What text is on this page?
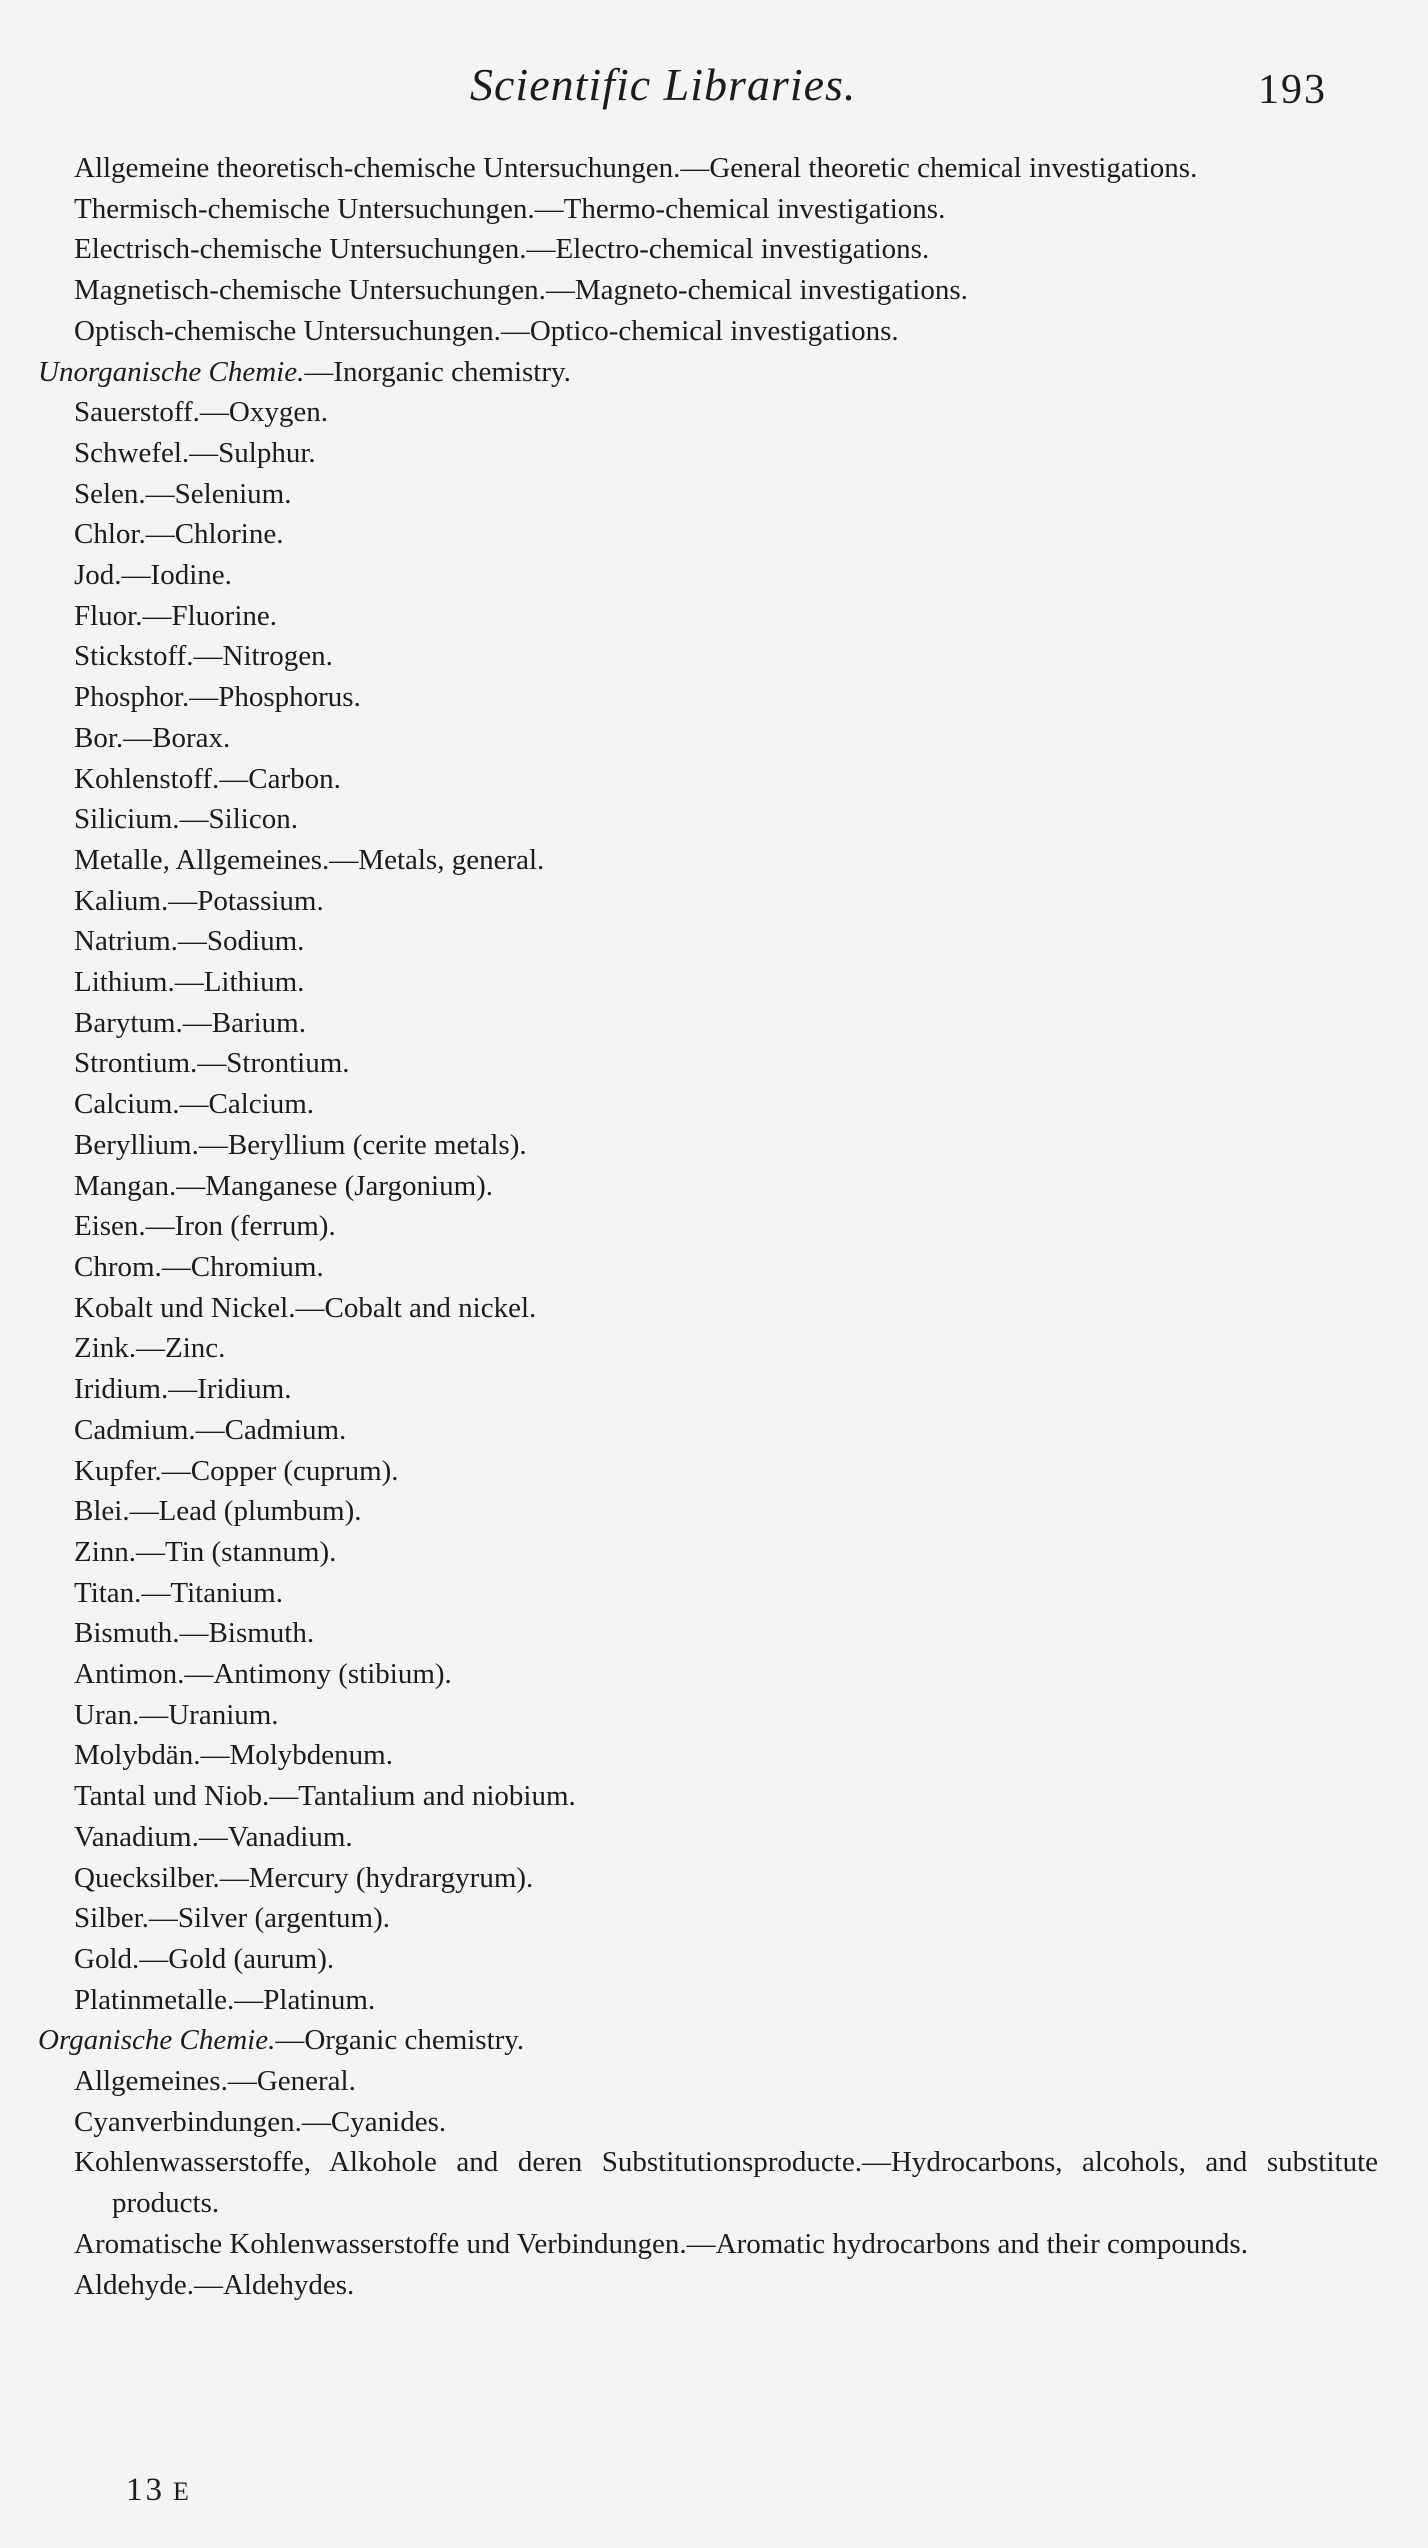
Scientific Libraries.	193
Allgemeine theoretisch-chemische Untersuchungen.—General theoretic chemical investigations.
Thermisch-chemische Untersuchungen.—Thermo-chemical investigations.
Electrisch-chemische Untersuchungen.—Electro-chemical investigations.
Magnetisch-chemische Untersuchungen.—Magneto-chemical investigations.
Optisch-chemische Untersuchungen.—Optico-chemical investigations.
Unorganische Chemie.—Inorganic chemistry.
Sauerstoff.—Oxygen.
Schwefel.—Sulphur.
Selen.—Selenium.
Chlor.—Chlorine.
Jod.—Iodine.
Fluor.—Fluorine.
Stickstoff.—Nitrogen.
Phosphor.—Phosphorus.
Bor.—Borax.
Kohlenstoff.—Carbon.
Silicium.—Silicon.
Metalle, Allgemeines.—Metals, general.
Kalium.—Potassium.
Natrium.—Sodium.
Lithium.—Lithium.
Barytum.—Barium.
Strontium.—Strontium.
Calcium.—Calcium.
Beryllium.—Beryllium (cerite metals).
Mangan.—Manganese (Jargonium).
Eisen.—Iron (ferrum).
Chrom.—Chromium.
Kobalt und Nickel.—Cobalt and nickel.
Zink.—Zinc.
Iridium.—Iridium.
Cadmium.—Cadmium.
Kupfer.—Copper (cuprum).
Blei.—Lead (plumbum).
Zinn.—Tin (stannum).
Titan.—Titanium.
Bismuth.—Bismuth.
Antimon.—Antimony (stibium).
Uran.—Uranium.
Molybdän.—Molybdenum.
Tantal und Niob.—Tantalium and niobium.
Vanadium.—Vanadium.
Quecksilber.—Mercury (hydrargyrum).
Silber.—Silver (argentum).
Gold.—Gold (aurum).
Platinmetalle.—Platinum.
Organische Chemie.—Organic chemistry.
Allgemeines.—General.
Cyanverbindungen.—Cyanides.
Kohlenwasserstoffe, Alkohole and deren Substitutionsproducte.—Hydrocarbons, alcohols, and substitute products.
Aromatische Kohlenwasserstoffe und Verbindungen.—Aromatic hydrocarbons and their compounds.
Aldehyde.—Aldehydes.
13 E
